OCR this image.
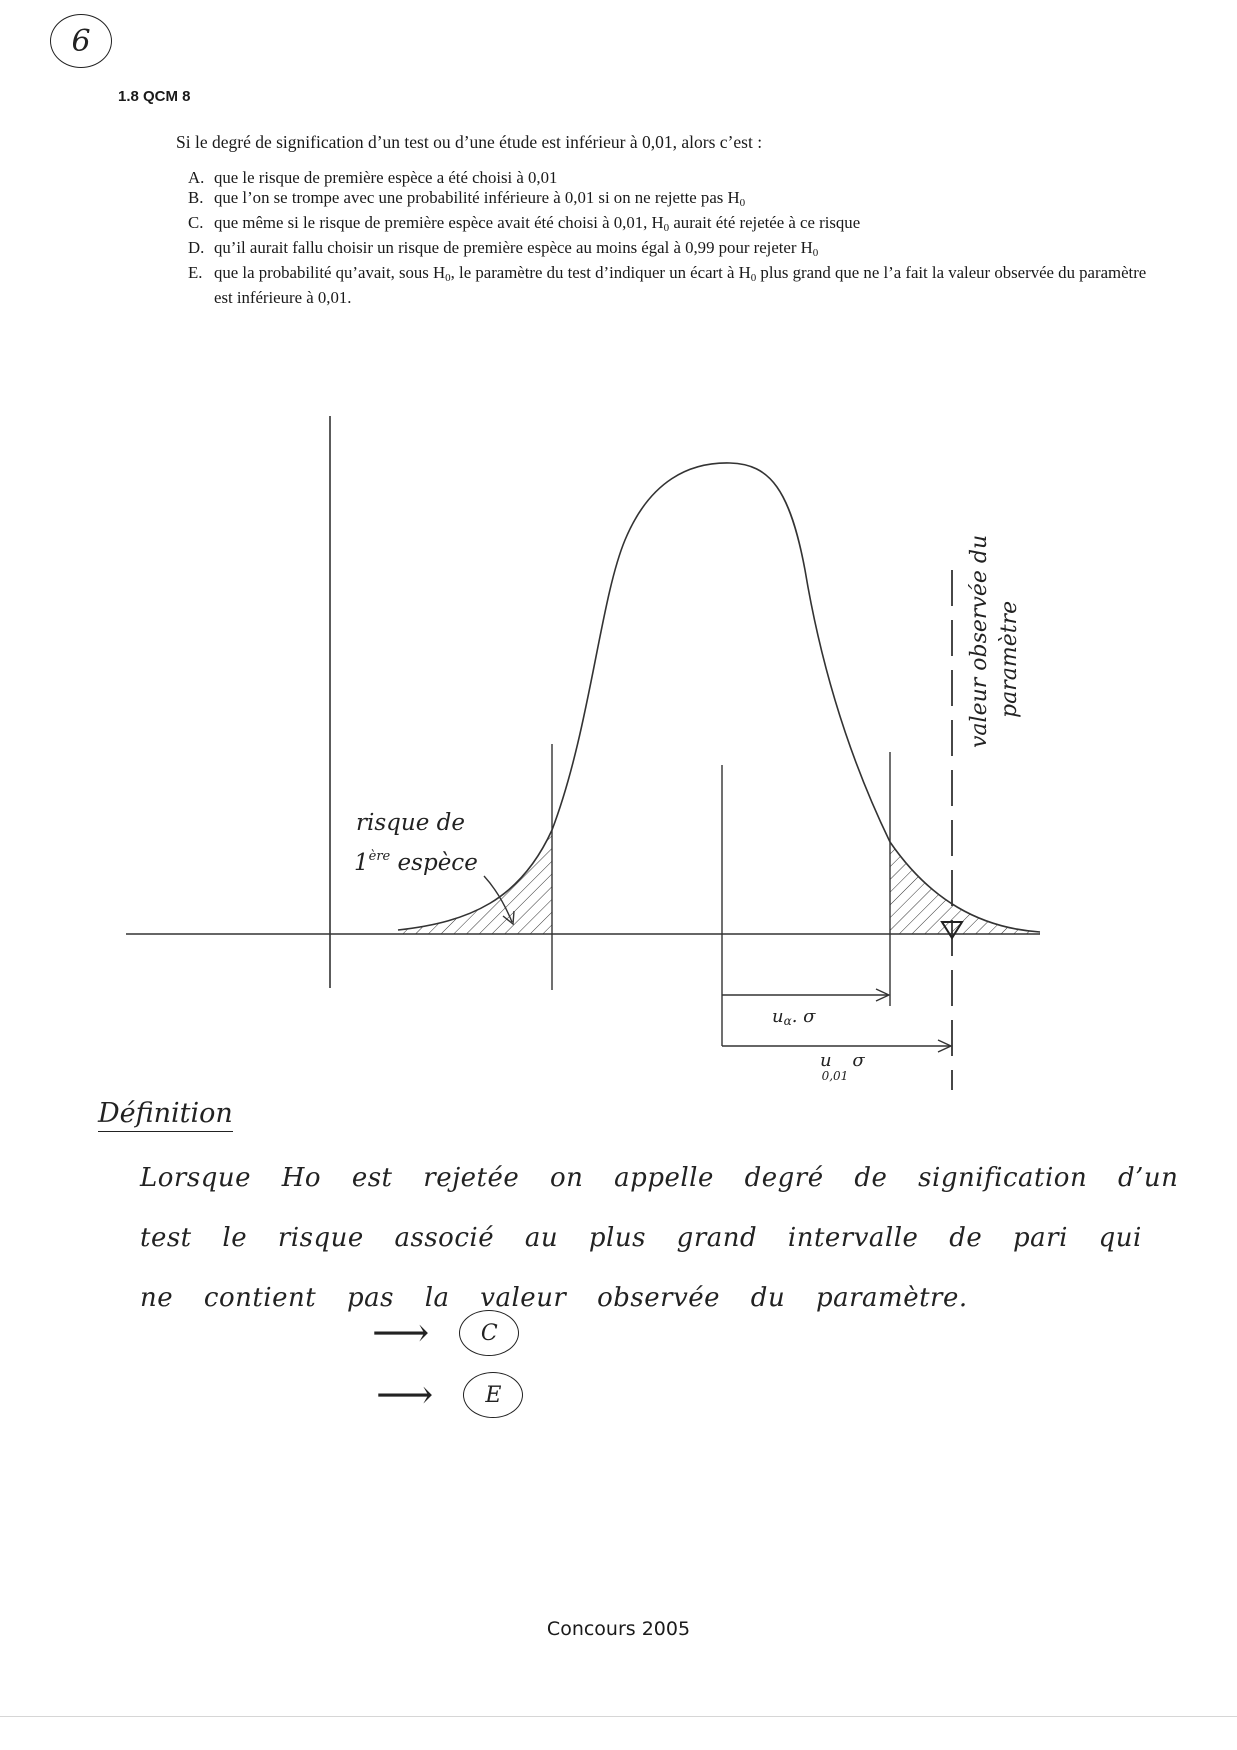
6
1.8 QCM 8
Si le degré de signification d’un test ou d’une étude est inférieur à 0,01, alors c’est :
A. que le risque de première espèce a été choisi à 0,01
B. que l’on se trompe avec une probabilité inférieure à 0,01 si on ne rejette pas $H_0$
C. que même si le risque de première espèce avait été choisi à 0,01, $H_0$ aurait été rejetée à ce risque
D. qu’il aurait fallu choisir un risque de première espèce au moins égal à 0,99 pour rejeter $H_0$
E. que la probabilité qu’avait, sous $H_0$, le paramètre du test d’indiquer un écart à $H_0$ plus grand que ne l’a fait la valeur observée du paramètre est inférieure à 0,01.
risque de
1ère espèce
valeur observée du paramètre
uα. σ
u 0,01σ
Définition
Lorsque Ho est rejetée on appelle degré de signification d’un test le risque associé au plus grand intervalle de pari qui ne contient pas la valeur observée du paramètre.
⟶	C
⟶	E
Concours 2005
